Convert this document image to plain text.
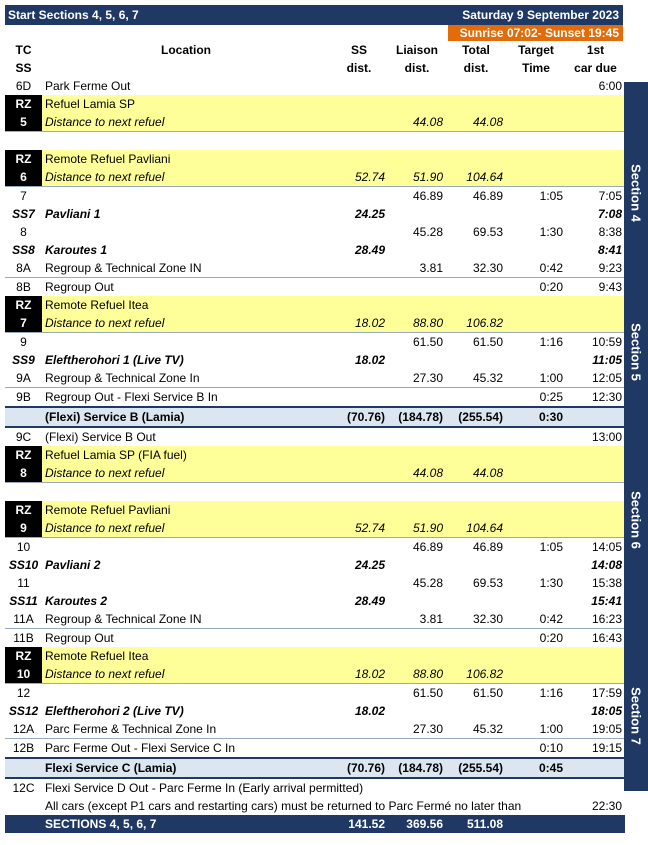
Start Sections 4, 5, 6, 7	Saturday 9 September 2023
Sunrise 07:02- Sunset 19:45
TC	Location	SS	Liaison	Total	Target	1st
SS		dist.	dist.	dist.	Time	car due
6D	Park Ferme Out					6:00
RZ	Refuel Lamia SP					
5	Distance to next refuel		44.08	44.08		

RZ	Remote Refuel Pavliani					
6	Distance to next refuel	52.74	51.90	104.64		
7			46.89	46.89	1:05	7:05
SS7	Pavliani 1	24.25				7:08
8			45.28	69.53	1:30	8:38
SS8	Karoutes 1	28.49				8:41
8A	Regroup & Technical Zone IN		3.81	32.30	0:42	9:23
8B	Regroup Out				0:20	9:43
RZ	Remote Refuel Itea					
7	Distance to next refuel	18.02	88.80	106.82		
9			61.50	61.50	1:16	10:59
SS9	Eleftherohori 1 (Live TV)	18.02				11:05
9A	Regroup & Technical Zone In		27.30	45.32	1:00	12:05
9B	Regroup Out - Flexi Service B In				0:25	12:30
	(Flexi) Service B (Lamia)	(70.76)	(184.78)	(255.54)	0:30	
9C	(Flexi) Service B Out					13:00
RZ	Refuel Lamia SP (FIA fuel)					
8	Distance to next refuel		44.08	44.08		

RZ	Remote Refuel Pavliani					
9	Distance to next refuel	52.74	51.90	104.64		
10			46.89	46.89	1:05	14:05
SS10	Pavliani 2	24.25				14:08
11			45.28	69.53	1:30	15:38
SS11	Karoutes 2	28.49				15:41
11A	Regroup & Technical Zone IN		3.81	32.30	0:42	16:23
11B	Regroup Out				0:20	16:43
RZ	Remote Refuel Itea					
10	Distance to next refuel	18.02	88.80	106.82		
12			61.50	61.50	1:16	17:59
SS12	Eleftherohori 2 (Live TV)	18.02				18:05
12A	Parc Ferme & Technical Zone In		27.30	45.32	1:00	19:05
12B	Parc Ferme Out - Flexi Service C In				0:10	19:15
	Flexi Service C (Lamia)	(70.76)	(184.78)	(255.54)	0:45	
12C	Flexi Service D Out - Parc Ferme In (Early arrival permitted)					
	All cars (except P1 cars and restarting cars) must be returned to Parc Fermé no later than					22:30
	SECTIONS 4, 5, 6, 7	141.52	369.56	511.08		
Section 4
Section 5
Section 6
Section 7
